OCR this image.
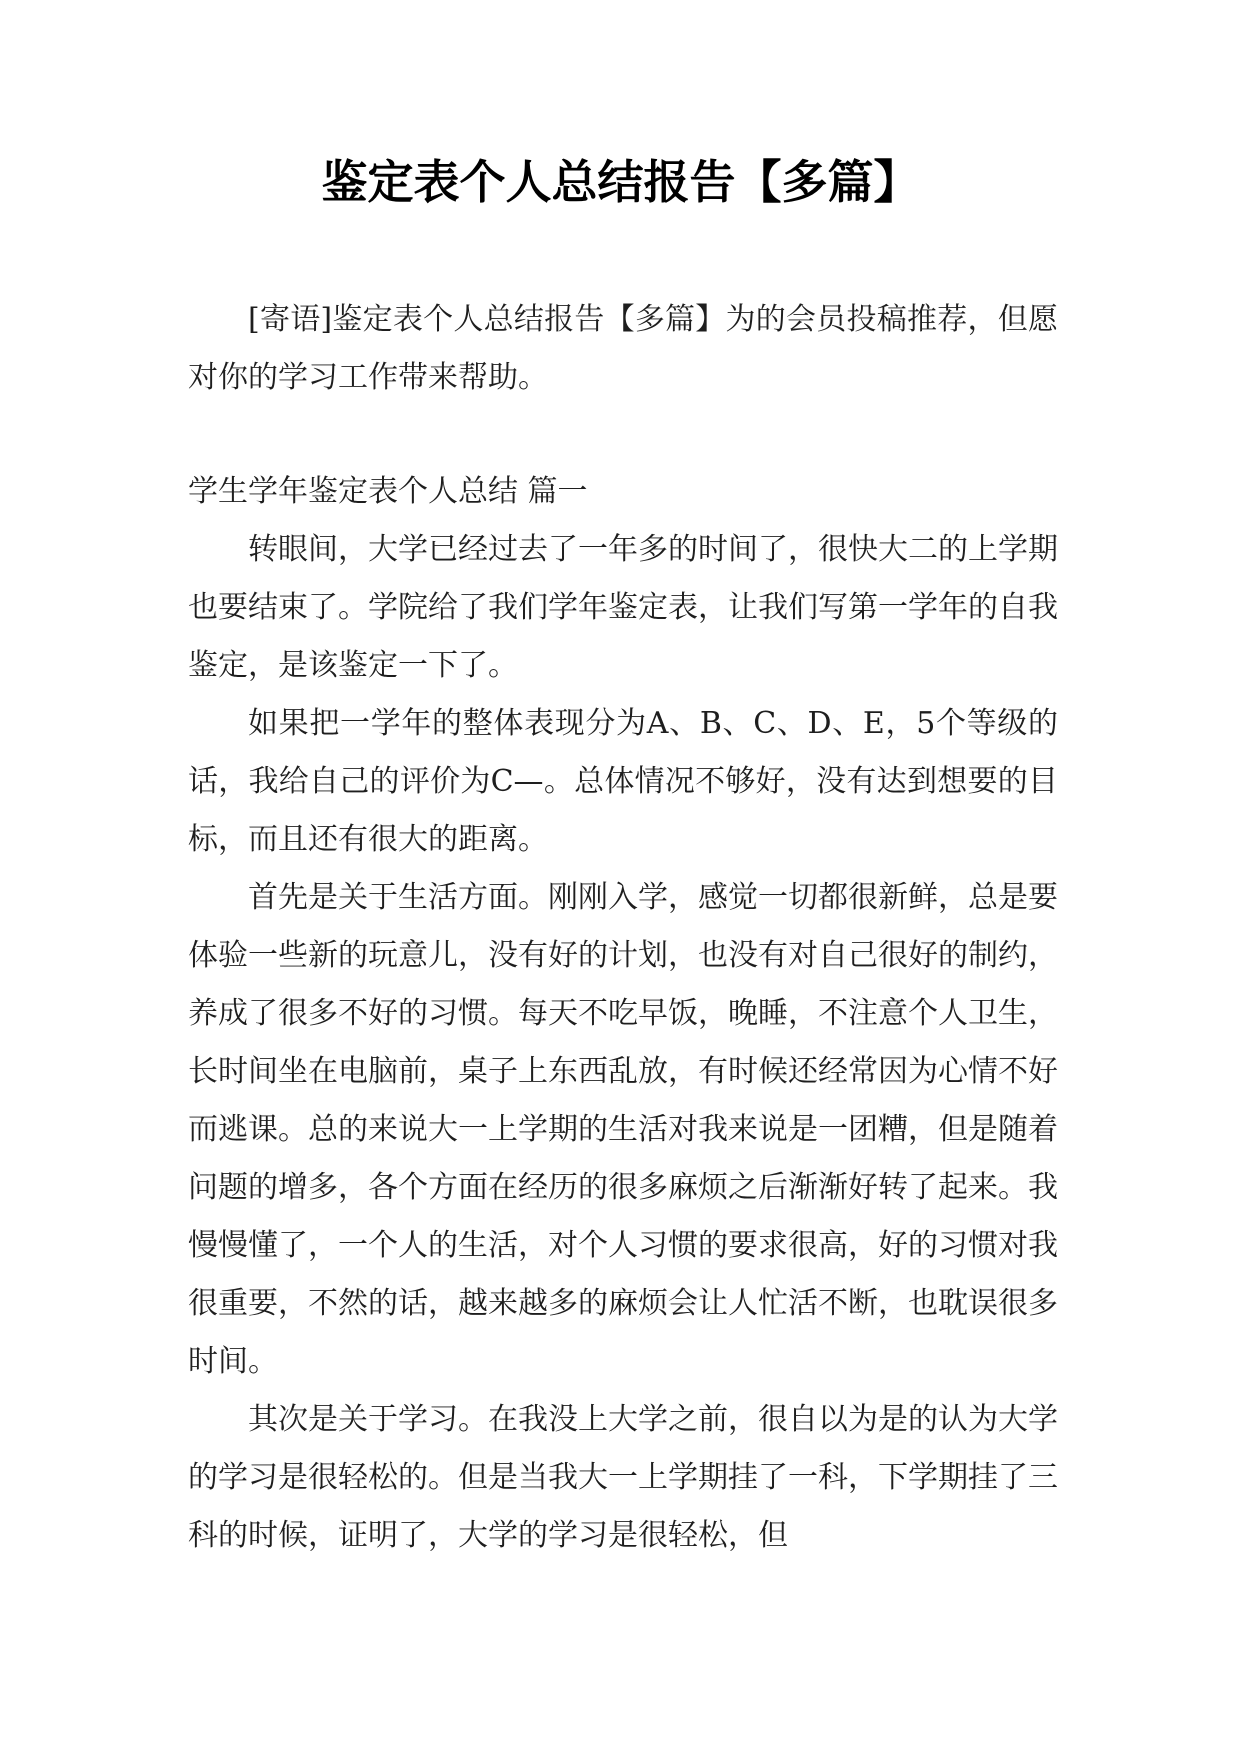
鉴定表个人总结报告【多篇】

[寄语]鉴定表个人总结报告【多篇】为的会员投稿推荐，但愿对你的学习工作带来帮助。

学生学年鉴定表个人总结 篇一

转眼间，大学已经过去了一年多的时间了，很快大二的上学期也要结束了。学院给了我们学年鉴定表，让我们写第一学年的自我鉴定，是该鉴定一下了。

如果把一学年的整体表现分为A、B、C、D、E，5个等级的话，我给自己的评价为C—。总体情况不够好，没有达到想要的目标，而且还有很大的距离。

首先是关于生活方面。刚刚入学，感觉一切都很新鲜，总是要体验一些新的玩意儿，没有好的计划，也没有对自己很好的制约，养成了很多不好的习惯。每天不吃早饭，晚睡，不注意个人卫生，长时间坐在电脑前，桌子上东西乱放，有时候还经常因为心情不好而逃课。总的来说大一上学期的生活对我来说是一团糟，但是随着问题的增多，各个方面在经历的很多麻烦之后渐渐好转了起来。我慢慢懂了，一个人的生活，对个人习惯的要求很高，好的习惯对我很重要，不然的话，越来越多的麻烦会让人忙活不断，也耽误很多时间。

其次是关于学习。在我没上大学之前，很自以为是的认为大学的学习是很轻松的。但是当我大一上学期挂了一科，下学期挂了三科的时候，证明了，大学的学习是很轻松，但
